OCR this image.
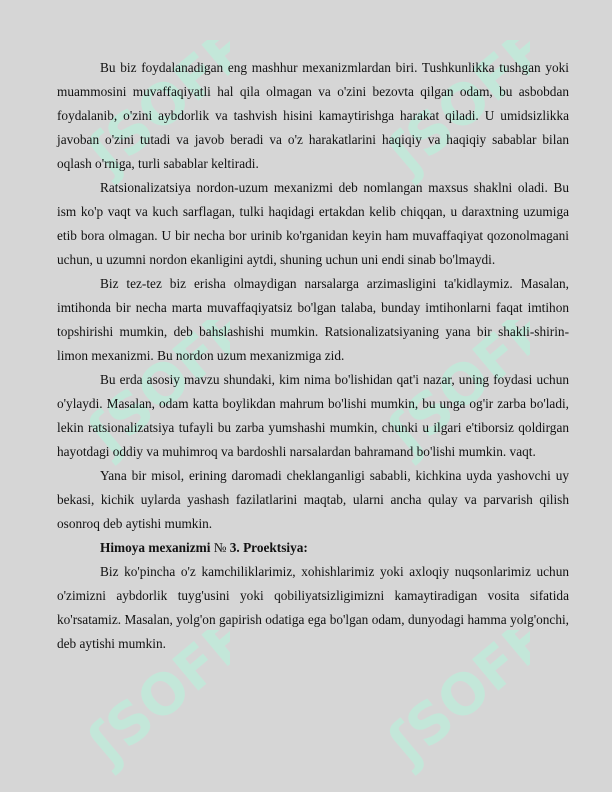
ʃSOFF ʃSOFF
ʃSOFF ʃSOFF
ʃSOFF ʃSOFF

Bu biz foydalanadigan eng mashhur mexanizmlardan biri. Tushkunlikka tushgan yoki muammosini muvaffaqiyatli hal qila olmagan va o'zini bezovta qilgan odam, bu asbobdan foydalanib, o'zini aybdorlik va tashvish hisini kamaytirishga harakat qiladi. U umidsizlikka javoban o'zini tutadi va javob beradi va o'z harakatlarini haqiqiy va haqiqiy sabablar bilan oqlash o'rniga, turli sabablar keltiradi.

Ratsionalizatsiya nordon-uzum mexanizmi deb nomlangan maxsus shaklni oladi. Bu ism ko'p vaqt va kuch sarflagan, tulki haqidagi ertakdan kelib chiqqan, u daraxtning uzumiga etib bora olmagan. U bir necha bor urinib ko'rganidan keyin ham muvaffaqiyat qozonolmagani uchun, u uzumni nordon ekanligini aytdi, shuning uchun uni endi sinab bo'lmaydi.

Biz tez-tez biz erisha olmaydigan narsalarga arzimasligini ta'kidlaymiz. Masalan, imtihonda bir necha marta muvaffaqiyatsiz bo'lgan talaba, bunday imtihonlarni faqat imtihon topshirishi mumkin, deb bahslashishi mumkin. Ratsionalizatsiyaning yana bir shakli-shirin-limon mexanizmi. Bu nordon uzum mexanizmiga zid.

Bu erda asosiy mavzu shundaki, kim nima bo'lishidan qat'i nazar, uning foydasi uchun o'ylaydi. Masalan, odam katta boylikdan mahrum bo'lishi mumkin, bu unga og'ir zarba bo'ladi, lekin ratsionalizatsiya tufayli bu zarba yumshashi mumkin, chunki u ilgari e'tiborsiz qoldirgan hayotdagi oddiy va muhimroq va bardoshli narsalardan bahramand bo'lishi mumkin. vaqt.

Yana bir misol, erining daromadi cheklanganligi sababli, kichkina uyda yashovchi uy bekasi, kichik uylarda yashash fazilatlarini maqtab, ularni ancha qulay va parvarish qilish osonroq deb aytishi mumkin.

Himoya mexanizmi № 3. Proektsiya:

Biz ko'pincha o'z kamchiliklarimiz, xohishlarimiz yoki axloqiy nuqsonlarimiz uchun o'zimizni aybdorlik tuyg'usini yoki qobiliyatsizligimizni kamaytiradigan vosita sifatida ko'rsatamiz. Masalan, yolg'on gapirish odatiga ega bo'lgan odam, dunyodagi hamma yolg'onchi, deb aytishi mumkin.
